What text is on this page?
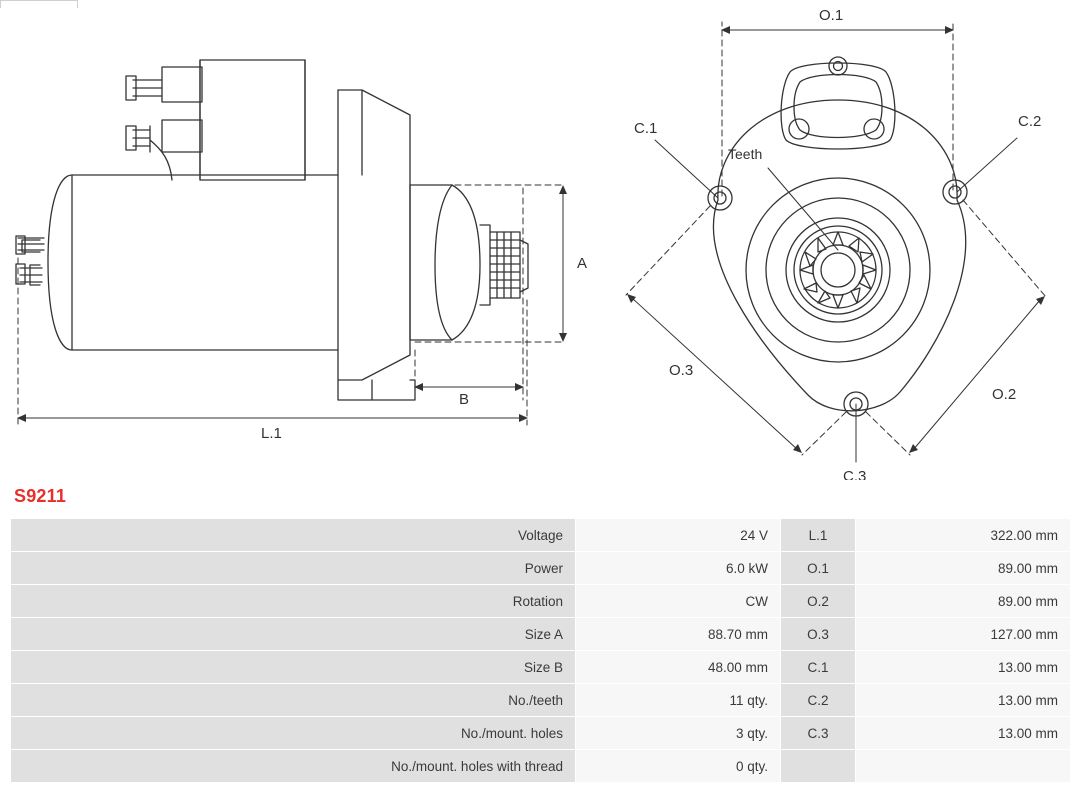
A
B
L.1
O.1
O.2
O.3
C.1	C.2
C.3
Teeth
S9211
Voltage	24 V	L.1	322.00 mm
Power	6.0 kW	O.1	89.00 mm
Rotation	CW	O.2	89.00 mm
Size A	88.70 mm	O.3	127.00 mm
Size B	48.00 mm	C.1	13.00 mm
No./teeth	11 qty.	C.2	13.00 mm
No./mount. holes	3 qty.	C.3	13.00 mm
No./mount. holes with thread	0 qty.		
